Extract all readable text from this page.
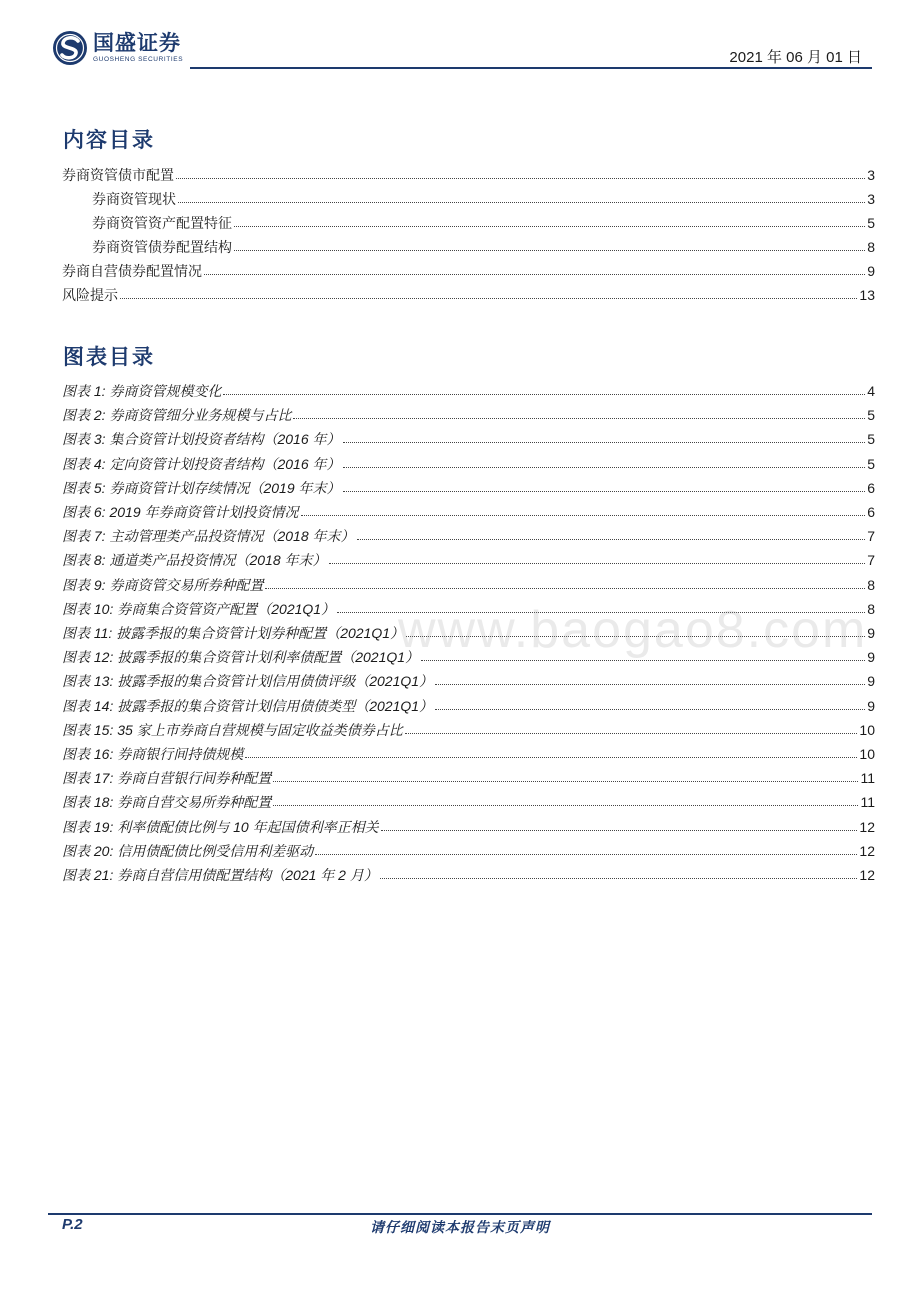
国盛证券
GUOSHENG SECURITIES	2021 年 06 月 01 日
内容目录
券商资管债市配置	3
券商资管现状	3
券商资管资产配置特征	5
券商资管债券配置结构	8
券商自营债券配置情况	9
风险提示	13
图表目录
图表 1: 券商资管规模变化	4
图表 2: 券商资管细分业务规模与占比	5
图表 3: 集合资管计划投资者结构（2016 年）	5
图表 4: 定向资管计划投资者结构（2016 年）	5
图表 5: 券商资管计划存续情况（2019 年末）	6
图表 6: 2019 年券商资管计划投资情况	6
图表 7: 主动管理类产品投资情况（2018 年末）	7
图表 8: 通道类产品投资情况（2018 年末）	7
图表 9: 券商资管交易所券种配置	8
图表 10: 券商集合资管资产配置（2021Q1）	8
图表 11: 披露季报的集合资管计划券种配置（2021Q1）	9
图表 12: 披露季报的集合资管计划利率债配置（2021Q1）	9
图表 13: 披露季报的集合资管计划信用债债评级（2021Q1）	9
图表 14: 披露季报的集合资管计划信用债债类型（2021Q1）	9
图表 15: 35 家上市券商自营规模与固定收益类债券占比	10
图表 16: 券商银行间持债规模	10
图表 17: 券商自营银行间券种配置	11
图表 18: 券商自营交易所券种配置	11
图表 19: 利率债配债比例与 10 年起国债利率正相关	12
图表 20: 信用债配债比例受信用利差驱动	12
图表 21: 券商自营信用债配置结构（2021 年 2 月）	12
www.baogao8.com
P.2	请仔细阅读本报告末页声明
